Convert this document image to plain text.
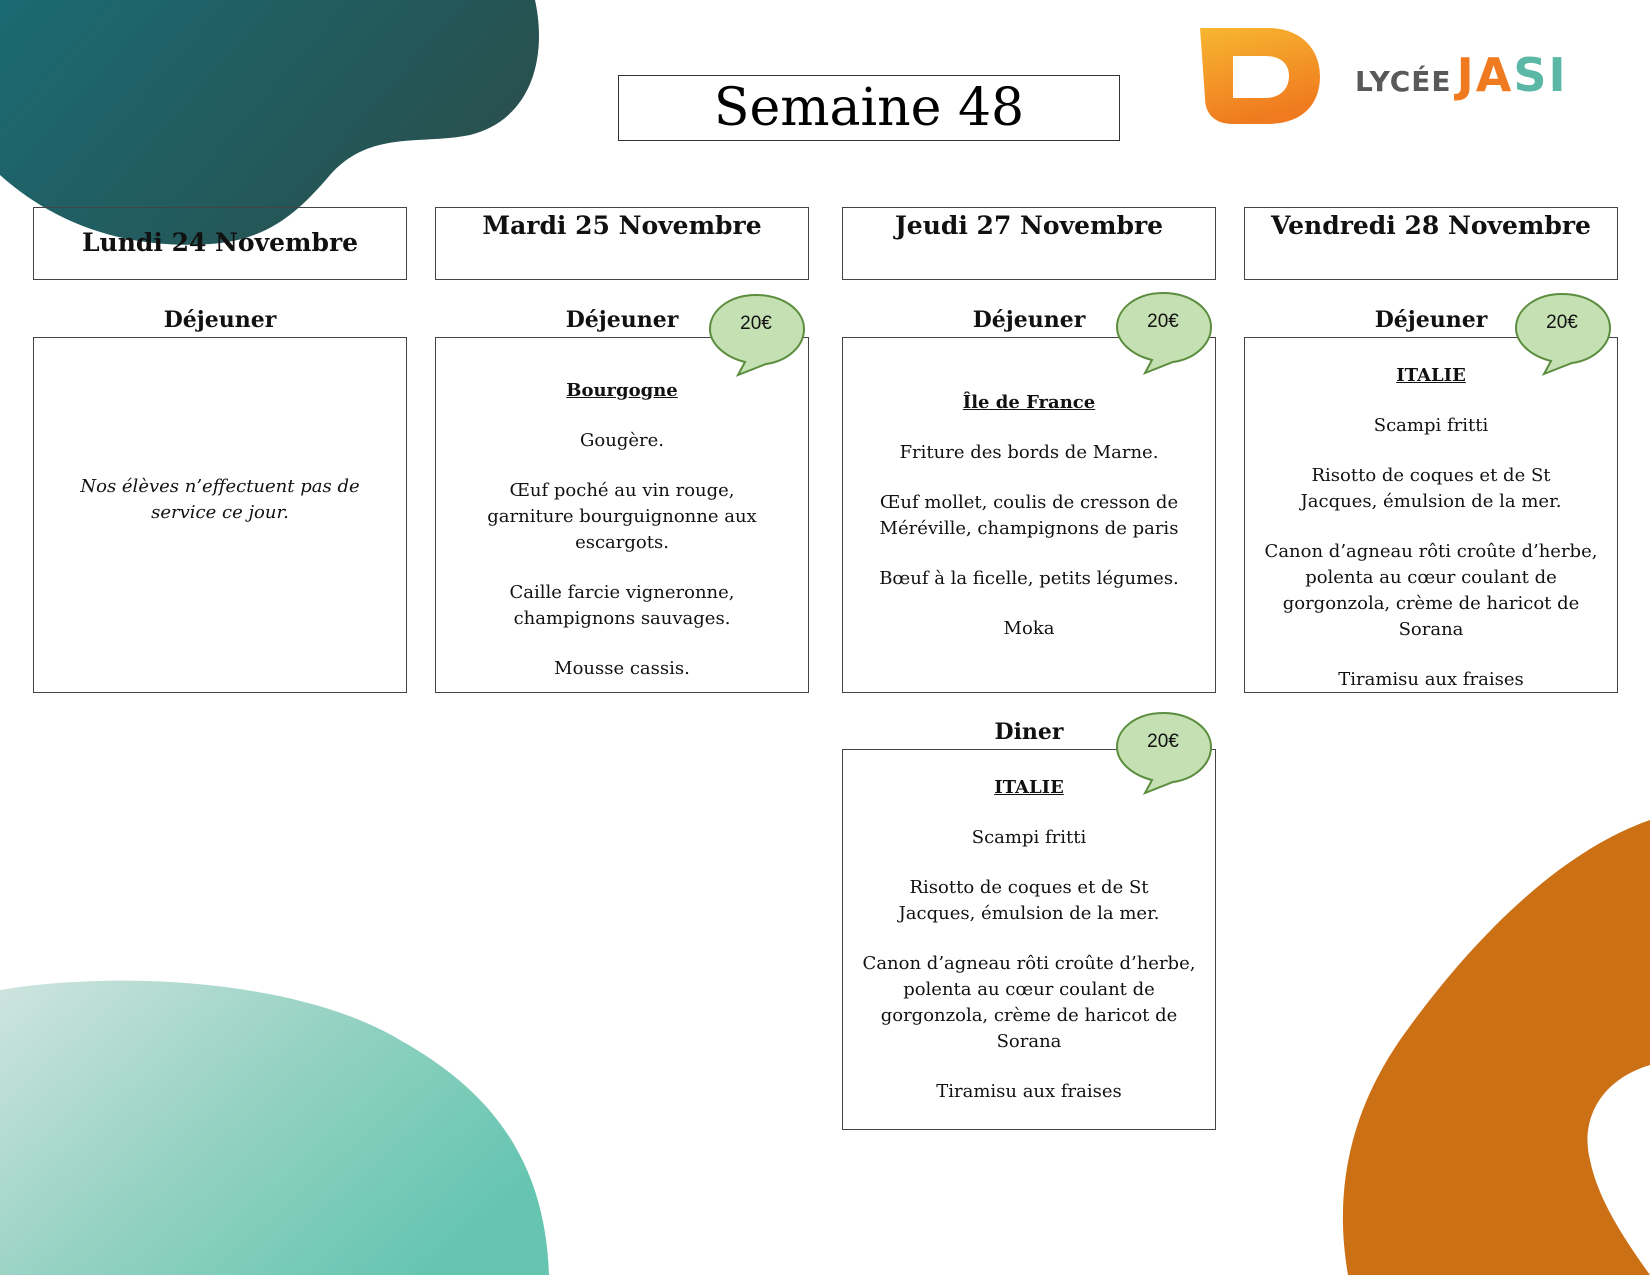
LYCÉE JASI
Semaine 48
Lundi 24 Novembre
Mardi 25 Novembre	Jeudi 27 Novembre	Vendredi 28 Novembre
Déjeuner	Déjeuner	Déjeuner	Déjeuner
Diner

Nos élèves n’effectuent pas de service ce jour.

Bourgogne

Gougère.

Œuf poché au vin rouge, garniture bourguignonne aux escargots.

Caille farcie vigneronne, champignons sauvages.

Mousse cassis.

Île de France

Friture des bords de Marne.

Œuf mollet, coulis de cresson de Méréville, champignons de paris

Bœuf à la ficelle, petits légumes.

Moka

ITALIE

Scampi fritti

Risotto de coques et de St Jacques, émulsion de la mer.

Canon d’agneau rôti croûte d’herbe, polenta au cœur coulant de gorgonzola, crème de haricot de Sorana

Tiramisu aux fraises

ITALIE

Scampi fritti

Risotto de coques et de St Jacques, émulsion de la mer.

Canon d’agneau rôti croûte d’herbe, polenta au cœur coulant de gorgonzola, crème de haricot de Sorana

Tiramisu aux fraises

20€	20€	20€
20€
